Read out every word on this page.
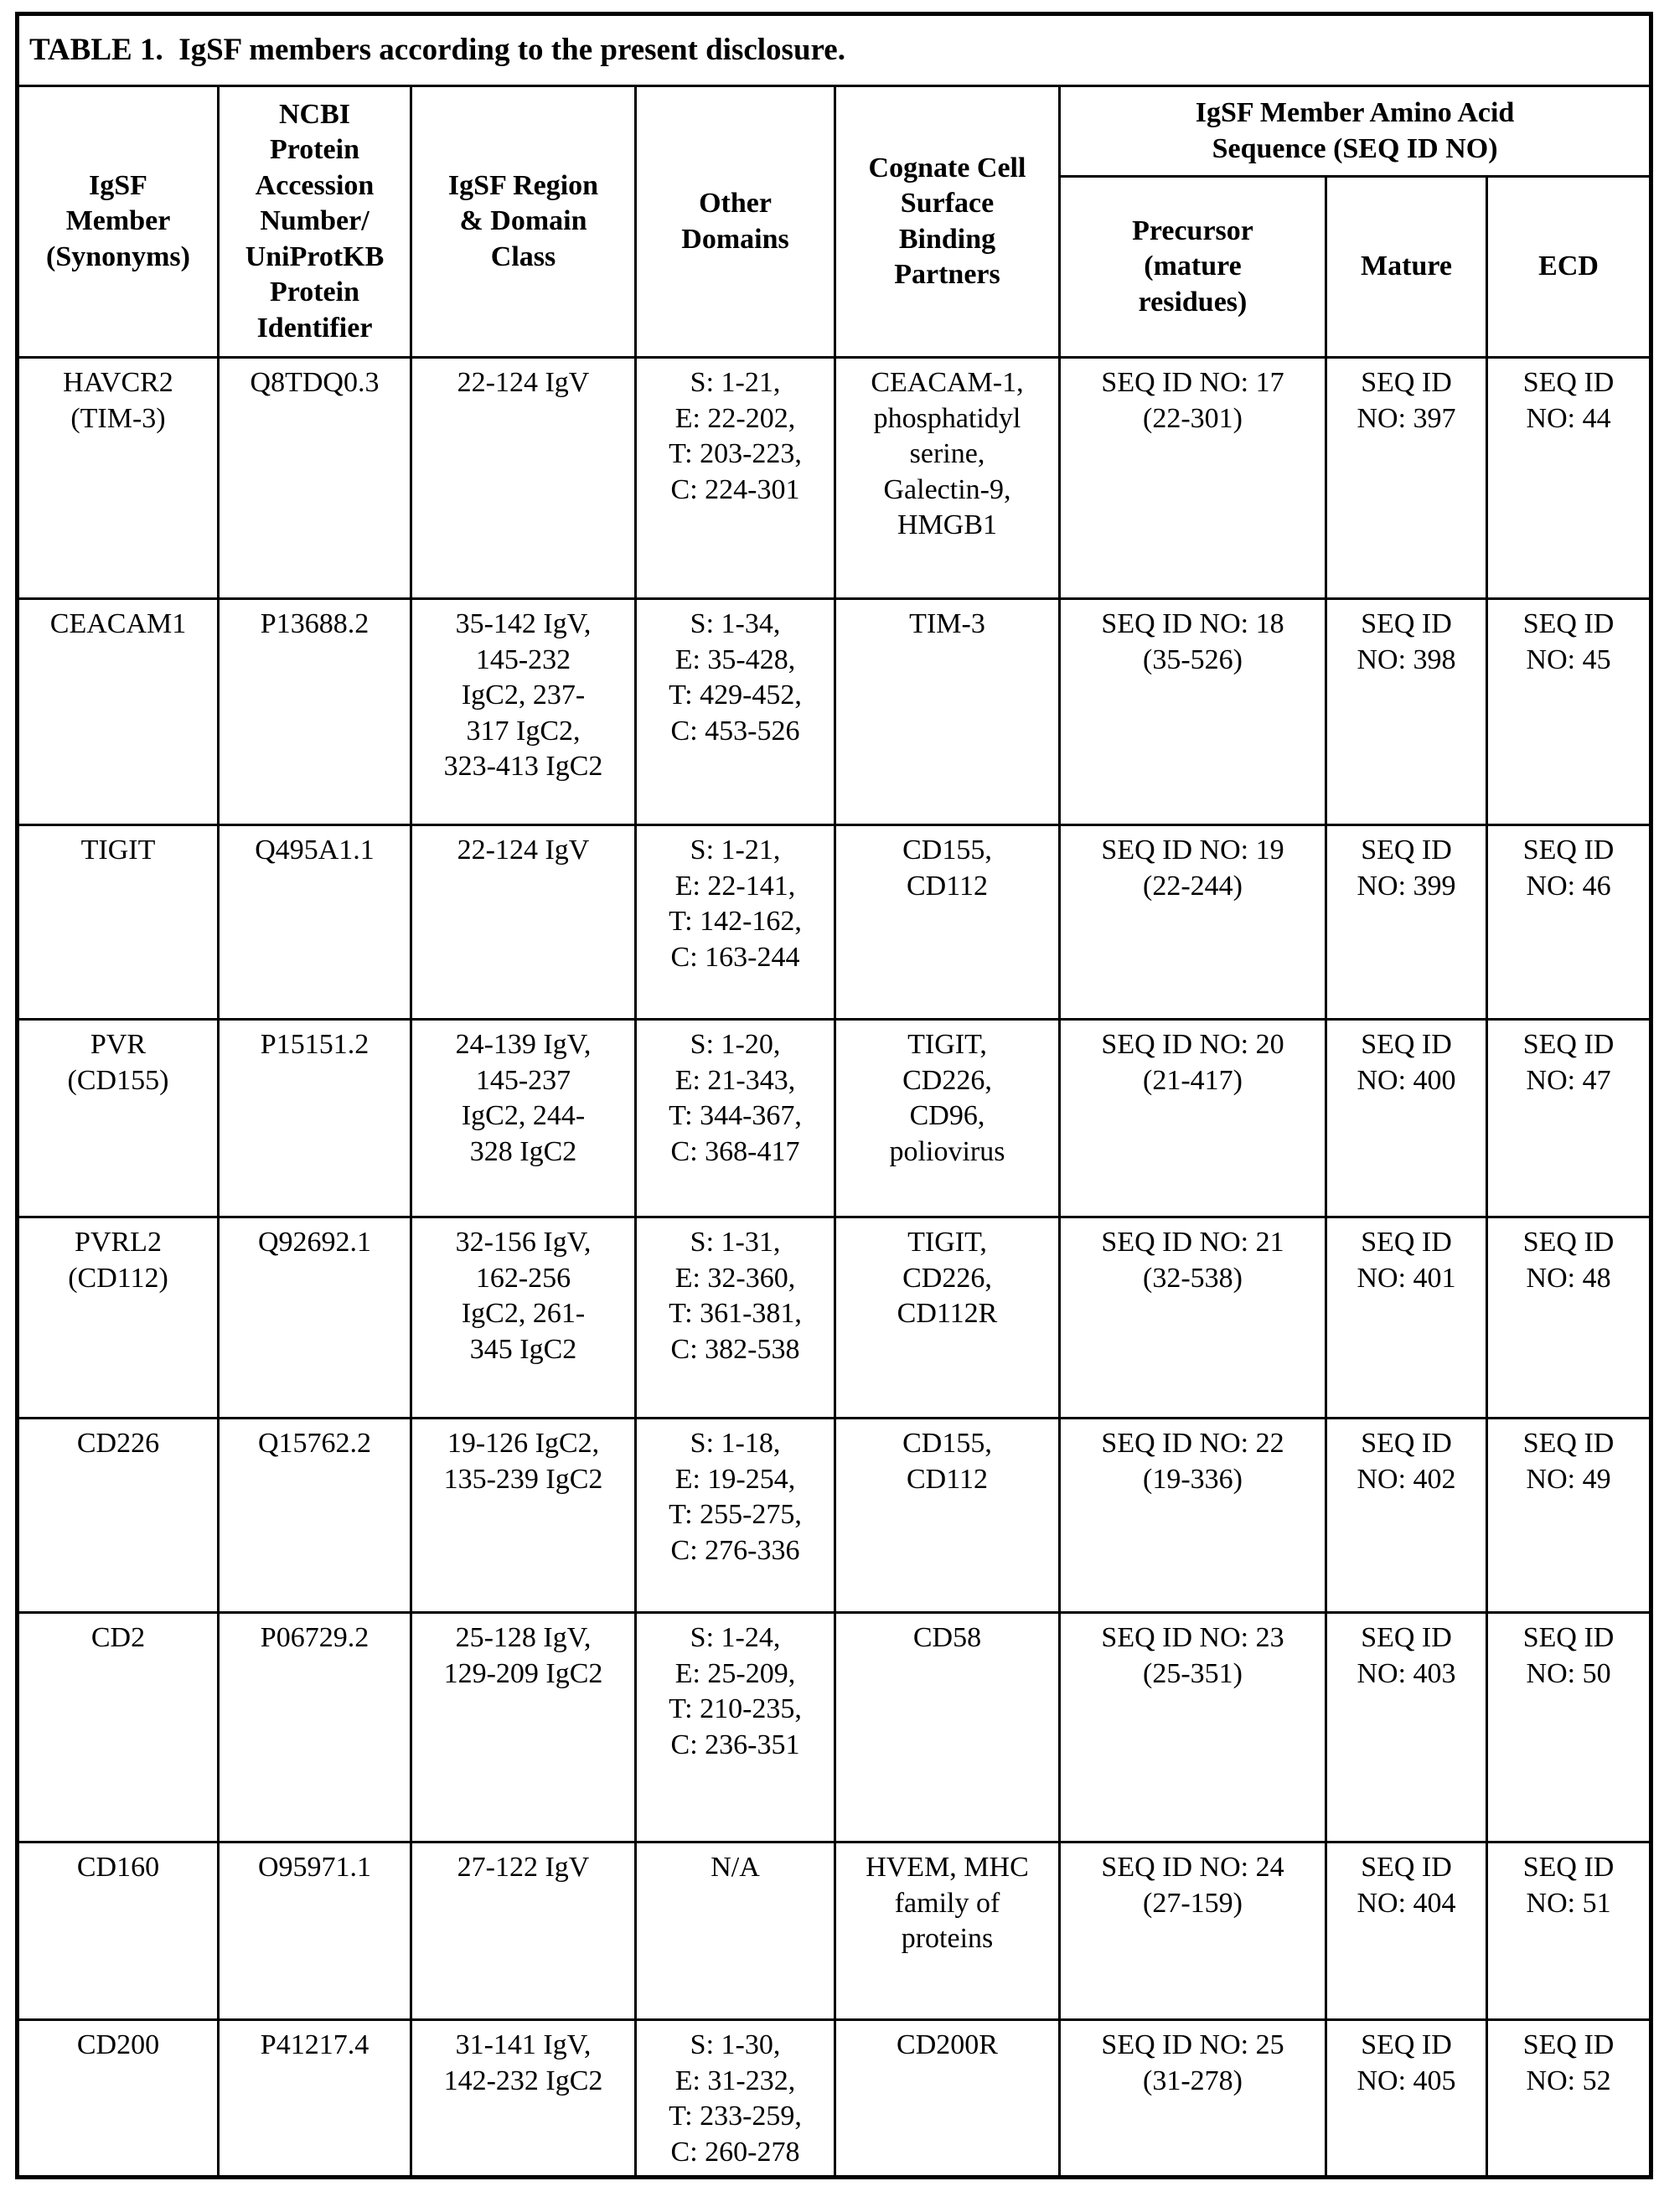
TABLE 1.  IgSF members according to the present disclosure.							
IgSF
Member
(Synonyms)	NCBI
Protein
Accession
Number/
UniProtKB
Protein
Identifier	IgSF Region
& Domain
Class	Other
Domains	Cognate Cell
Surface
Binding
Partners	IgSF Member Amino Acid
Sequence (SEQ ID NO)
					Precursor
(mature
residues)	Mature	ECD
HAVCR2
(TIM-3)	Q8TDQ0.3	22-124 IgV	S: 1-21,
E: 22-202,
T: 203-223,
C: 224-301	CEACAM-1,
phosphatidyl
serine,
Galectin-9,
HMGB1	SEQ ID NO: 17
(22-301)	SEQ ID
NO: 397	SEQ ID
NO: 44
CEACAM1	P13688.2	35-142 IgV,
145-232
IgC2, 237-
317 IgC2,
323-413 IgC2	S: 1-34,
E: 35-428,
T: 429-452,
C: 453-526	TIM-3	SEQ ID NO: 18
(35-526)	SEQ ID
NO: 398	SEQ ID
NO: 45
TIGIT	Q495A1.1	22-124 IgV	S: 1-21,
E: 22-141,
T: 142-162,
C: 163-244	CD155,
CD112	SEQ ID NO: 19
(22-244)	SEQ ID
NO: 399	SEQ ID
NO: 46
PVR
(CD155)	P15151.2	24-139 IgV,
145-237
IgC2, 244-
328 IgC2	S: 1-20,
E: 21-343,
T: 344-367,
C: 368-417	TIGIT,
CD226,
CD96,
poliovirus	SEQ ID NO: 20
(21-417)	SEQ ID
NO: 400	SEQ ID
NO: 47
PVRL2
(CD112)	Q92692.1	32-156 IgV,
162-256
IgC2, 261-
345 IgC2	S: 1-31,
E: 32-360,
T: 361-381,
C: 382-538	TIGIT,
CD226,
CD112R	SEQ ID NO: 21
(32-538)	SEQ ID
NO: 401	SEQ ID
NO: 48
CD226	Q15762.2	19-126 IgC2,
135-239 IgC2	S: 1-18,
E: 19-254,
T: 255-275,
C: 276-336	CD155,
CD112	SEQ ID NO: 22
(19-336)	SEQ ID
NO: 402	SEQ ID
NO: 49
CD2	P06729.2	25-128 IgV,
129-209 IgC2	S: 1-24,
E: 25-209,
T: 210-235,
C: 236-351	CD58	SEQ ID NO: 23
(25-351)	SEQ ID
NO: 403	SEQ ID
NO: 50
CD160	O95971.1	27-122 IgV	N/A	HVEM, MHC
family of
proteins	SEQ ID NO: 24
(27-159)	SEQ ID
NO: 404	SEQ ID
NO: 51
CD200	P41217.4	31-141 IgV,
142-232 IgC2	S: 1-30,
E: 31-232,
T: 233-259,
C: 260-278	CD200R	SEQ ID NO: 25
(31-278)	SEQ ID
NO: 405	SEQ ID
NO: 52
